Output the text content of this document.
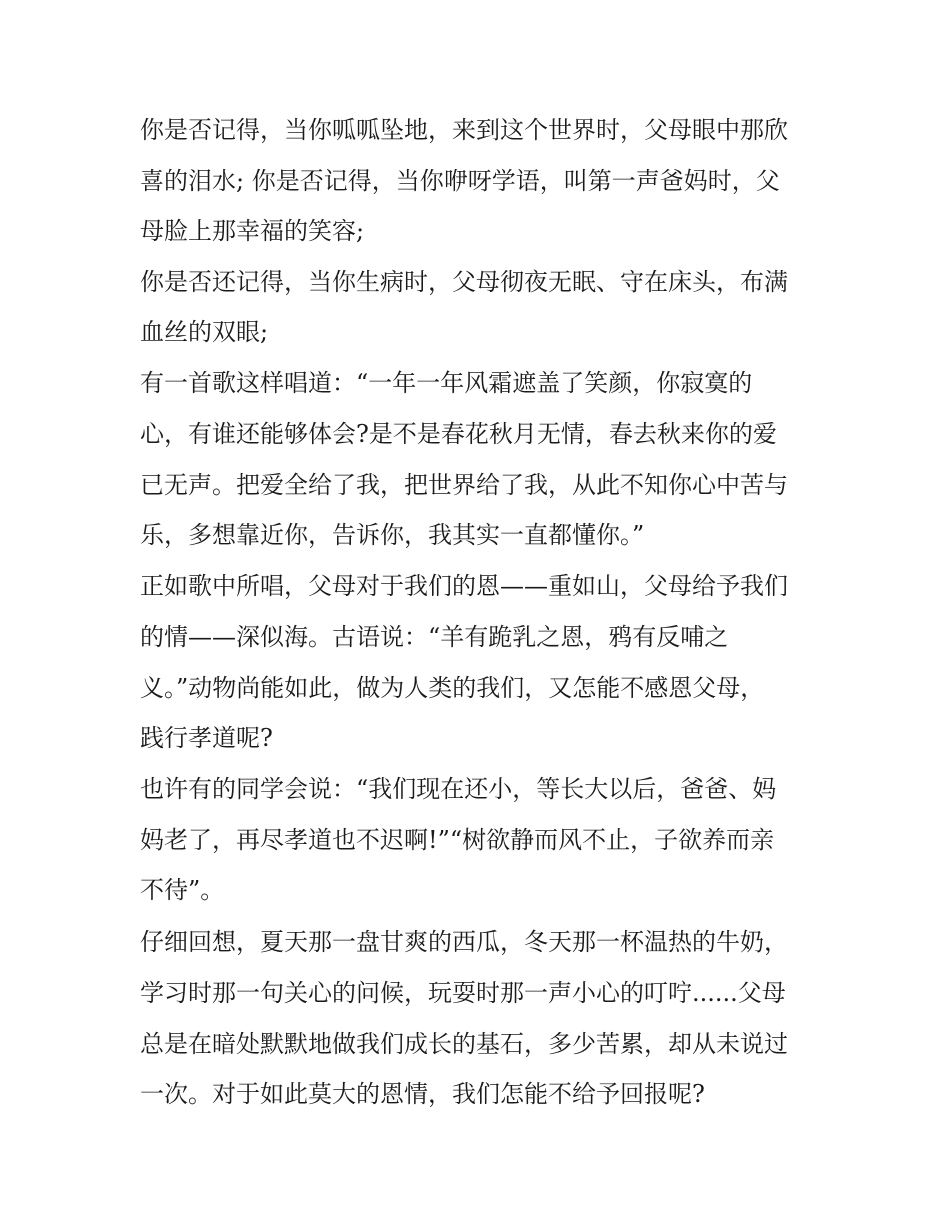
你是否记得，当你呱呱坠地，来到这个世界时，父母眼中那欣
喜的泪水; 你是否记得，当你咿呀学语，叫第一声爸妈时，父
母脸上那幸福的笑容;
你是否还记得，当你生病时，父母彻夜无眠、守在床头，布满
血丝的双眼;
有一首歌这样唱道：“一年一年风霜遮盖了笑颜，你寂寞的
心，有谁还能够体会?是不是春花秋月无情，春去秋来你的爱
已无声。把爱全给了我，把世界给了我，从此不知你心中苦与
乐，多想靠近你，告诉你，我其实一直都懂你。”
正如歌中所唱，父母对于我们的恩——重如山，父母给予我们
的情——深似海。古语说：“羊有跪乳之恩，鸦有反哺之
义。”动物尚能如此，做为人类的我们，又怎能不感恩父母，
践行孝道呢?
也许有的同学会说：“我们现在还小，等长大以后，爸爸、妈
妈老了，再尽孝道也不迟啊!”“树欲静而风不止，子欲养而亲
不待”。
仔细回想，夏天那一盘甘爽的西瓜，冬天那一杯温热的牛奶，
学习时那一句关心的问候，玩耍时那一声小心的叮咛......父母
总是在暗处默默地做我们成长的基石，多少苦累，却从未说过
一次。对于如此莫大的恩情，我们怎能不给予回报呢?
